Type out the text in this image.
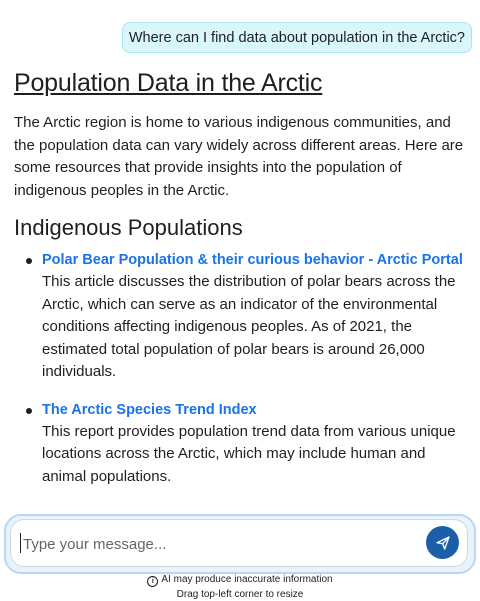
Where can I find data about population in the Arctic?
Population Data in the Arctic

The Arctic region is home to various indigenous communities, and the population data can vary widely across different areas. Here are some resources that provide insights into the population of indigenous peoples in the Arctic.

Indigenous Populations
Polar Bear Population & their curious behavior - Arctic Portal

This article discusses the distribution of polar bears across the Arctic, which can serve as an indicator of the environmental conditions affecting indigenous peoples. As of 2021, the estimated total population of polar bears is around 26,000 individuals.

The Arctic Species Trend Index

This report provides population trend data from various unique locations across the Arctic, which may include human and animal populations.

Type your message...
i AI may produce inaccurate information
Drag top-left corner to resize
